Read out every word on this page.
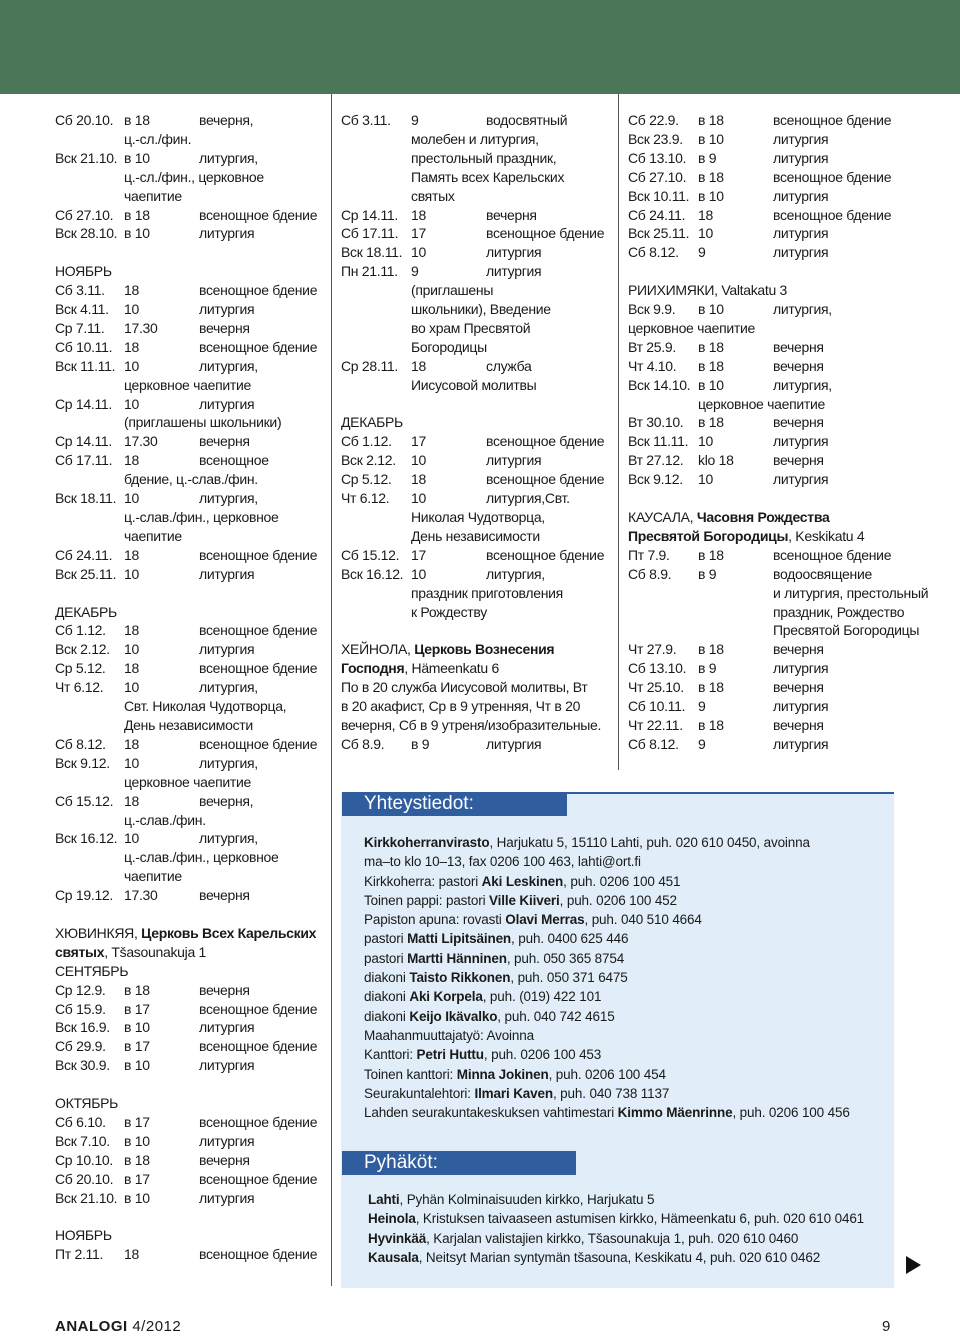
Сб 20.10. в 18	вечерня,
ц.-сл./фин.
Вск 21.10. в 10	литургия,
ц.-сл./фин., церковное
чаепитие
Сб 27.10. в 18	всенощное бдение
Вск 28.10. в 10	литургия
НОЯБРЬ
Сб 3.11.	18	всенощное бдение
Вск 4.11.	10	литургия
Ср 7.11.	17.30	вечерня
Сб 10.11. 18	всенощное бдение
Вск 11.11. 10	литургия,
церковное чаепитие
Ср 14.11. 10	литургия
(приглашены школьники)
Ср 14.11. 17.30	вечерня
Сб 17.11. 18	всенощное
бдение, ц.-слав./фин.
Вск 18.11. 10	литургия,
ц.-слав./фин., церковное
чаепитие
Сб 24.11. 18	всенощное бдение
Вск 25.11. 10	литургия
ДЕКАБРЬ
Сб 1.12.	18	всенощное бдение
Вск 2.12.	10	литургия
Ср 5.12.	18	всенощное бдение
Чт 6.12.	10	литургия,
Свт. Николая Чудотворца,
День независимости
Сб 8.12.	18	всенощное бдение
Вск 9.12.	10	литургия,
церковное чаепитие
Сб 15.12. 18	вечерня,
ц.-слав./фин.
Вск 16.12. 10	литургия,
ц.-слав./фин., церковное
чаепитие
Ср 19.12. 17.30	вечерня
ХЮВИНКЯЯ, Церковь Всех Карельских
святых, Tšasounakuja 1
СЕНТЯБРЬ
Ср 12.9.	в 18	вечерня
Сб 15.9.	в 17	всенощное бдение
Вск 16.9.	в 10	литургия
Сб 29.9.	в 17	всенощное бдение
Вск 30.9.	в 10	литургия
ОКТЯБРЬ
Сб 6.10.	в 17	всенощное бдение
Вск 7.10.	в 10	литургия
Ср 10.10. в 18	вечерня
Сб 20.10. в 17	всенощное бдение
Вск 21.10. в 10	литургия
НОЯБРЬ
Пт 2.11.	18	всенощное бдение
Сб 3.11.	9	водосвятный
молебен и литургия,
престольный праздник,
Память всех Карельских
святых
Ср 14.11. 18	вечерня
Сб 17.11. 17	всенощное бдение
Вск 18.11. 10	литургия
Пн 21.11. 9	литургия
(приглашены
школьники), Введение
во храм Пресвятой
Богородицы
Ср 28.11. 18	служба
Иисусовой молитвы
ДЕКАБРЬ
Сб 1.12.	17	всенощное бдение
Вск 2.12.	10	литургия
Ср 5.12.	18	всенощное бдение
Чт 6.12.	10	литургия,Свт.
Николая Чудотворца,
День независимости
Сб 15.12. 17	всенощное бдение
Вск 16.12. 10	литургия,
праздник приготовления
к Рождеству
ХЕЙНОЛА, Церковь Вознесения
Господня, Hämeenkatu 6
По в 20 служба Иисусовой молитвы, Вт
в 20 акафист, Ср в 9 утренняя, Чт в 20
вечерня, Сб в 9 утреня/изобразительные.
Сб 8.9.	в 9	литургия
Сб 22.9.	в 18	всенощное бдение
Вск 23.9.	в 10	литургия
Сб 13.10. в 9	литургия
Сб 27.10. в 18	всенощное бдение
Вск 10.11. в 10	литургия
Сб 24.11. 18	всенощное бдение
Вск 25.11. 10	литургия
Сб 8.12.	9	литургия
РИИХИМЯКИ, Valtakatu 3
Вск 9.9.	в 10	литургия,
церковное чаепитие
Вт 25.9.	в 18	вечерня
Чт 4.10.	в 18	вечерня
Вск 14.10. в 10	литургия,
церковное чаепитие
Вт 30.10.	в 18	вечерня
Вск 11.11. 10	литургия
Вт 27.12.	klo 18	вечерня
Вск 9.12.	10	литургия
КАУСАЛА, Часовня Рождества
Пресвятой Богородицы, Keskikatu 4
Пт 7.9.	в 18	всенощное бдение
Сб 8.9.	в 9	водоосвящение
и литургия, престольный
праздник, Рождество
Пресвятой Богородицы
Чт 27.9.	в 18	вечерня
Сб 13.10. в 9	литургия
Чт 25.10.	в 18	вечерня
Сб 10.11. 9	литургия
Чт 22.11.	в 18	вечерня
Сб 8.12.	9	литургия
Yhteystiedot:
Kirkkoherranvirasto, Harjukatu 5, 15110 Lahti, puh. 020 610 0450, avoinna
ma–to klo 10–13, fax 0206 100 463, lahti@ort.fi
Kirkkoherra: pastori Aki Leskinen, puh. 0206 100 451
Toinen pappi: pastori Ville Kiiveri, puh. 0206 100 452
Papiston apuna: rovasti Olavi Merras, puh. 040 510 4664
pastori Matti Lipitsäinen, puh. 0400 625 446
pastori Martti Hänninen, puh. 050 365 8754
diakoni Taisto Rikkonen, puh. 050 371 6475
diakoni Aki Korpela, puh. (019) 422 101
diakoni Keijo Ikävalko, puh. 040 742 4615
Maahanmuuttajatyö: Avoinna
Kanttori: Petri Huttu, puh. 0206 100 453
Toinen kanttori: Minna Jokinen, puh. 0206 100 454
Seurakuntalehtori: Ilmari Kaven, puh. 040 738 1137
Lahden seurakuntakeskuksen vahtimestari Kimmo Mäenrinne, puh. 0206 100 456
Pyhäköt:
Lahti, Pyhän Kolminaisuuden kirkko, Harjukatu 5
Heinola, Kristuksen taivaaseen astumisen kirkko, Hämeenkatu 6, puh. 020 610 0461
Hyvinkää, Karjalan valistajien kirkko, Tšasounakuja 1, puh. 020 610 0460
Kausala, Neitsyt Marian syntymän tšasouna, Keskikatu 4, puh. 020 610 0462
ANALOGI 4/2012	9
